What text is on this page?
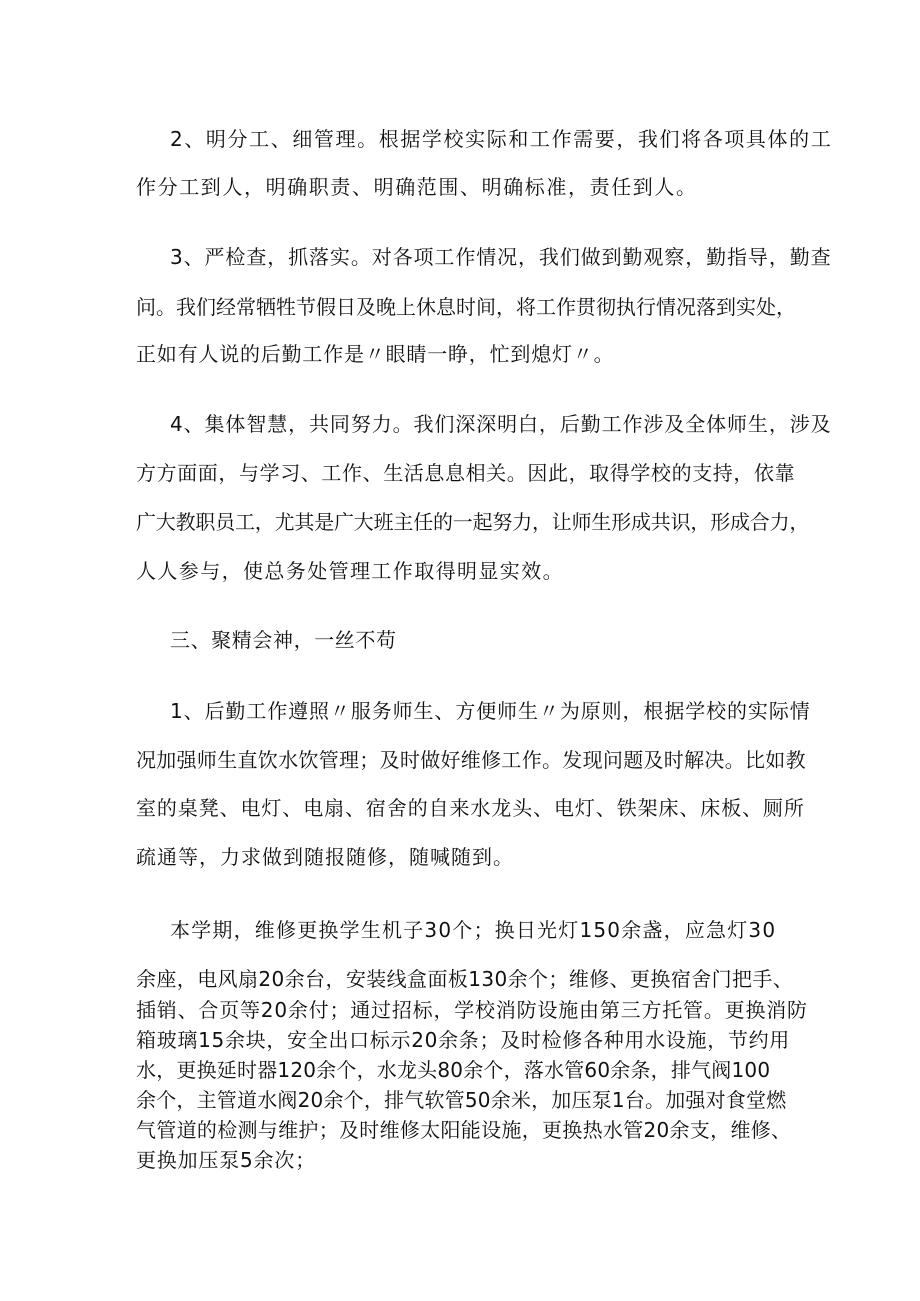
2、明分工、细管理。根据学校实际和工作需要，我们将各项具体的工
作分工到人，明确职责、明确范围、明确标准，责任到人。
3、严检查，抓落实。对各项工作情况，我们做到勤观察，勤指导，勤查
问。我们经常牺牲节假日及晚上休息时间，将工作贯彻执行情况落到实处，
正如有人说的后勤工作是〃眼睛一睁，忙到熄灯〃。
4、集体智慧，共同努力。我们深深明白，后勤工作涉及全体师生，涉及
方方面面，与学习、工作、生活息息相关。因此，取得学校的支持，依靠
广大教职员工，尤其是广大班主任的一起努力，让师生形成共识，形成合力，
人人参与，使总务处管理工作取得明显实效。
三、聚精会神，一丝不苟
1、后勤工作遵照〃服务师生、方便师生〃为原则，根据学校的实际情
况加强师生直饮水饮管理；及时做好维修工作。发现问题及时解决。比如教
室的桌凳、电灯、电扇、宿舍的自来水龙头、电灯、铁架床、床板、厕所
疏通等，力求做到随报随修，随喊随到。
本学期，维修更换学生机子30个；换日光灯150余盏，应急灯30
余座，电风扇20余台，安装线盒面板130余个；维修、更换宿舍门把手、
插销、合页等20余付；通过招标，学校消防设施由第三方托管。更换消防
箱玻璃15余块，安全出口标示20余条；及时检修各种用水设施，节约用
水，更换延时器120余个，水龙头80余个，落水管60余条，排气阀100
余个，主管道水阀20余个，排气软管50余米，加压泵1台。加强对食堂燃
气管道的检测与维护；及时维修太阳能设施，更换热水管20余支，维修、
更换加压泵5余次；
